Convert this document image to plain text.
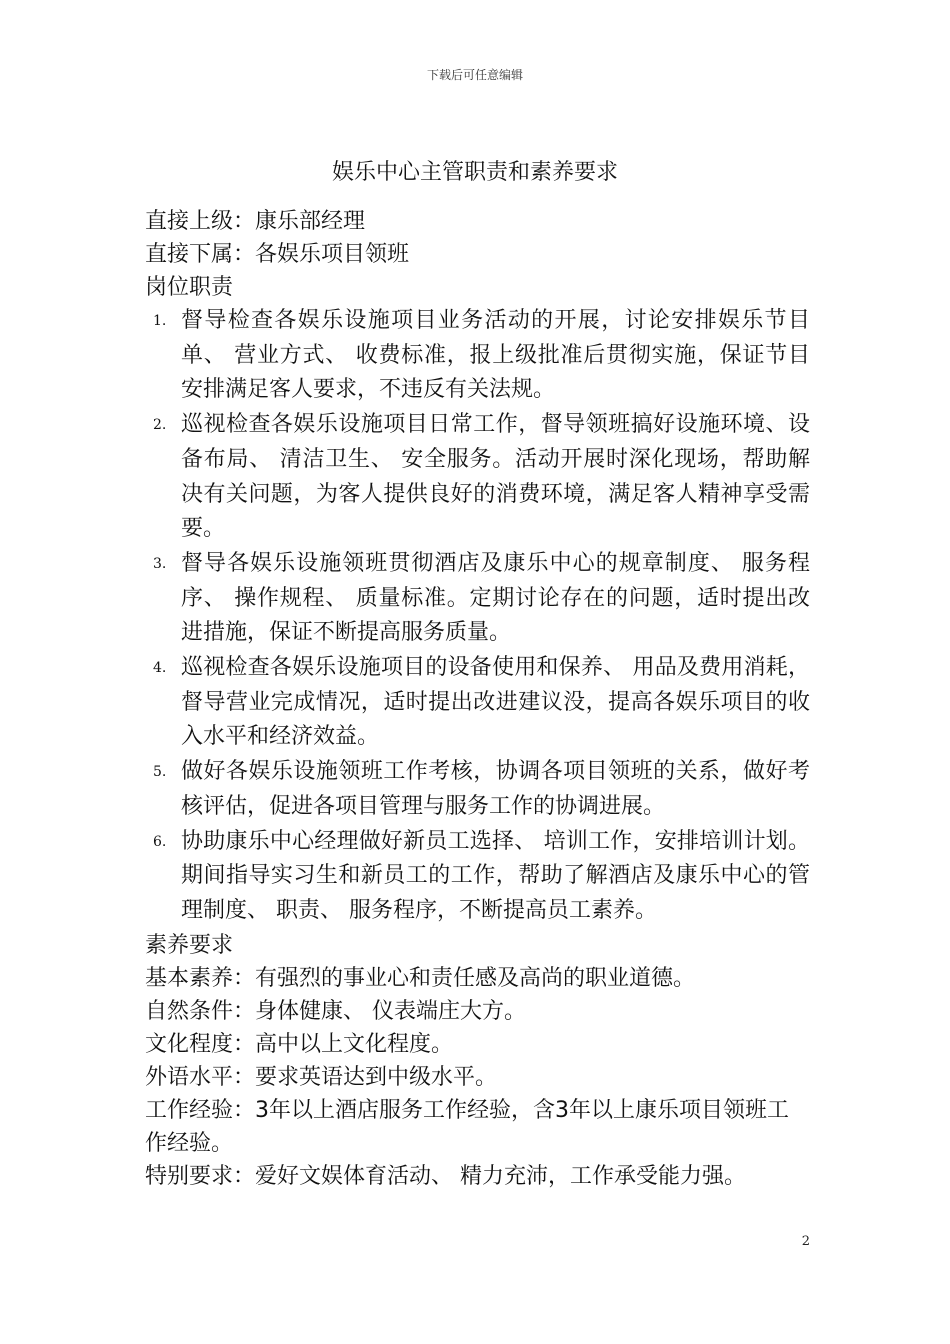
下载后可任意编辑
娱乐中心主管职责和素养要求
直接上级：康乐部经理
直接下属：各娱乐项目领班
岗位职责
1. 督导检查各娱乐设施项目业务活动的开展，讨论安排娱乐节目单、 营业方式、 收费标准，报上级批准后贯彻实施，保证节目安排满足客人要求，不违反有关法规。
2. 巡视检查各娱乐设施项目日常工作，督导领班搞好设施环境、设备布局、 清洁卫生、 安全服务。活动开展时深化现场，帮助解决有关问题，为客人提供良好的消费环境，满足客人精神享受需要。
3. 督导各娱乐设施领班贯彻酒店及康乐中心的规章制度、 服务程序、 操作规程、 质量标准。定期讨论存在的问题，适时提出改进措施，保证不断提高服务质量。
4. 巡视检查各娱乐设施项目的设备使用和保养、 用品及费用消耗，督导营业完成情况，适时提出改进建议没，提高各娱乐项目的收入水平和经济效益。
5. 做好各娱乐设施领班工作考核，协调各项目领班的关系，做好考核评估，促进各项目管理与服务工作的协调进展。
6. 协助康乐中心经理做好新员工选择、 培训工作，安排培训计划。期间指导实习生和新员工的工作，帮助了解酒店及康乐中心的管理制度、 职责、 服务程序，不断提高员工素养。
素养要求
基本素养：有强烈的事业心和责任感及高尚的职业道德。
自然条件：身体健康、 仪表端庄大方。
文化程度：高中以上文化程度。
外语水平：要求英语达到中级水平。
工作经验：3年以上酒店服务工作经验，含3年以上康乐项目领班工作经验。
特别要求：爱好文娱体育活动、 精力充沛，工作承受能力强。
2
